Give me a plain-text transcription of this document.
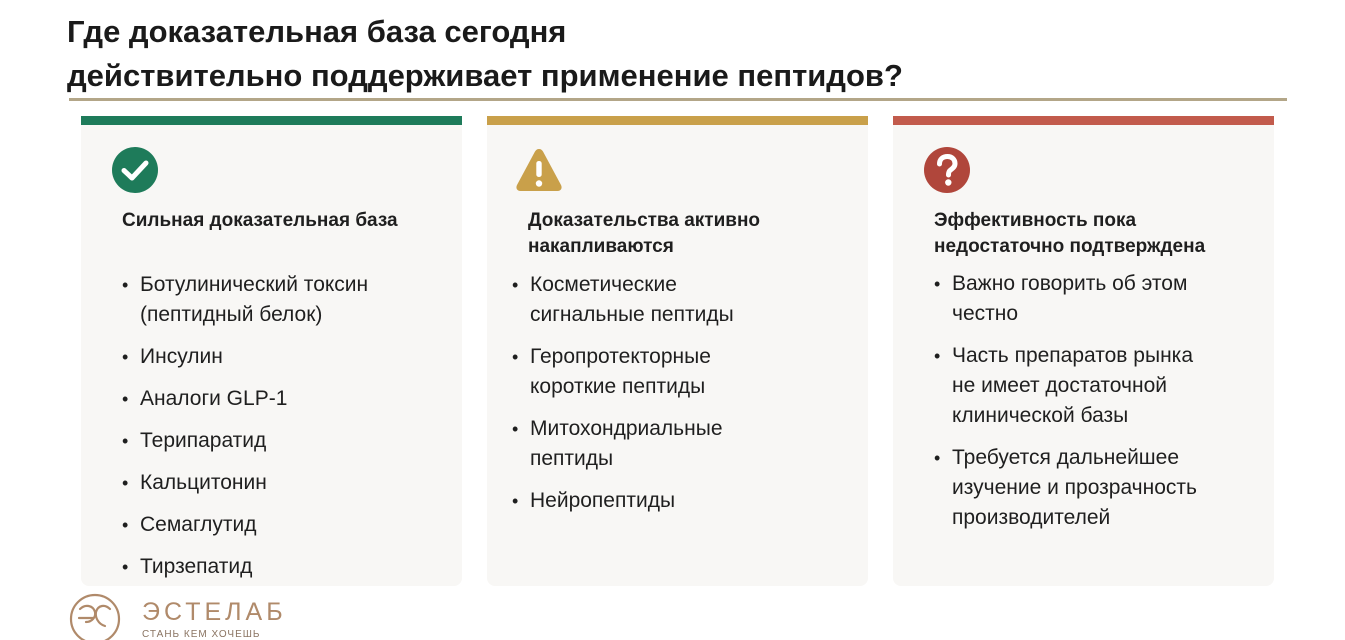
Где доказательная база сегодня
действительно поддерживает применение пептидов?
Сильная доказательная база
• Ботулинический токсин
(пептидный белок)
• Инсулин
• Аналоги GLP-1
• Терипаратид
• Кальцитонин
• Семаглутид
• Тирзепатид
Доказательства активно
накапливаются
• Косметические
сигнальные пептиды
• Геропротекторные
короткие пептиды
• Митохондриальные
пептиды
• Нейропептиды
Эффективность пока
недостаточно подтверждена
• Важно говорить об этом
честно
• Часть препаратов рынка
не имеет достаточной
клинической базы
• Требуется дальнейшее
изучение и прозрачность
производителей
ЭСТЕЛАБ
СТАНЬ КЕМ ХОЧЕШЬ
